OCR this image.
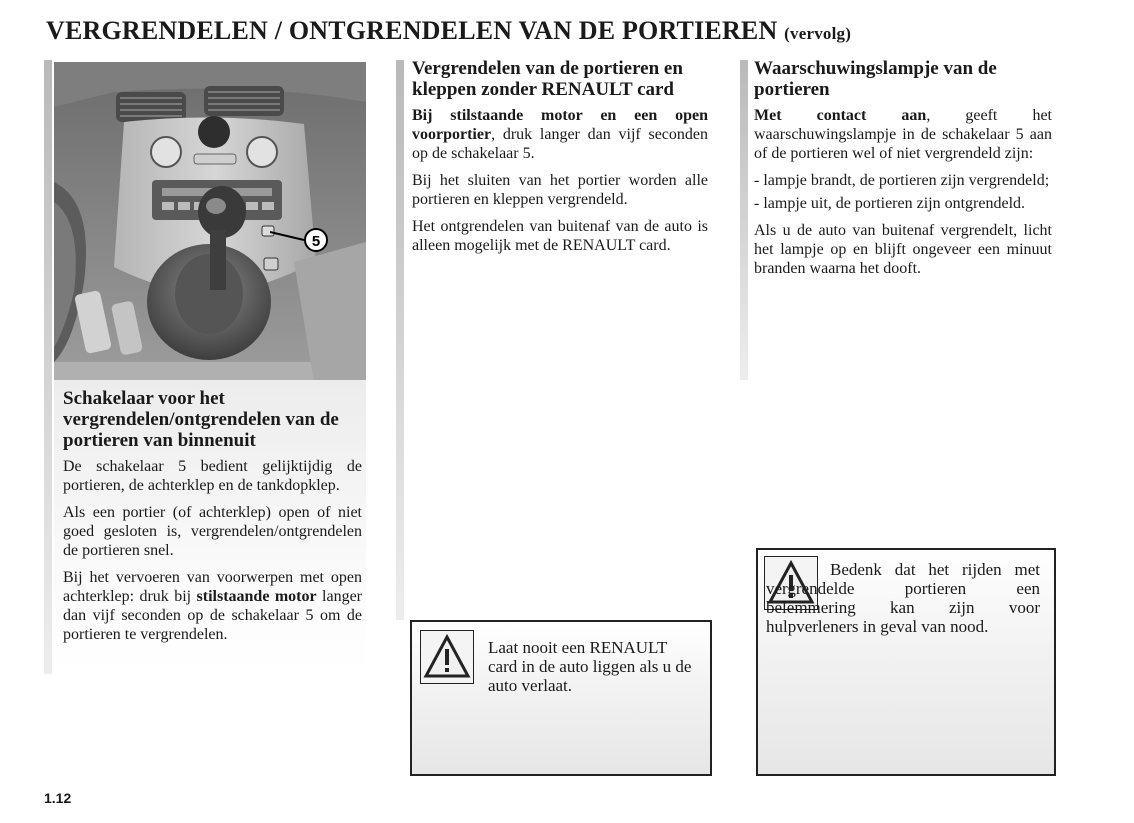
VERGRENDELEN / ONTGRENDELEN VAN DE PORTIEREN (vervolg)
5
Schakelaar voor het vergrendelen/ontgrendelen van de portieren van binnenuit

De schakelaar 5 bedient gelijktijdig de portieren, de achterklep en de tankdopklep.

Als een portier (of achterklep) open of niet goed gesloten is, vergrendelen/ontgrendelen de portieren snel.

Bij het vervoeren van voorwerpen met open achterklep: druk bij stilstaande motor langer dan vijf seconden op de schakelaar 5 om de portieren te vergrendelen.

Vergrendelen van de portieren en kleppen zonder RENAULT card

Bij stilstaande motor en een open voorportier, druk langer dan vijf seconden op de schakelaar 5.

Bij het sluiten van het portier worden alle portieren en kleppen vergrendeld.

Het ontgrendelen van buitenaf van de auto is alleen mogelijk met de RENAULT card.

Laat nooit een RENAULT card in de auto liggen als u de auto verlaat.
Waarschuwingslampje van de portieren

Met contact aan, geeft het waarschuwingslampje in de schakelaar 5 aan of de portieren wel of niet vergrendeld zijn:

- lampje brandt, de portieren zijn vergrendeld;
- lampje uit, de portieren zijn ontgrendeld.

Als u de auto van buitenaf vergrendelt, licht het lampje op en blijft ongeveer een minuut branden waarna het dooft.

Bedenk dat het rijden met vergrendelde portieren een belemmering kan zijn voor hulpverleners in geval van nood.
1.12
